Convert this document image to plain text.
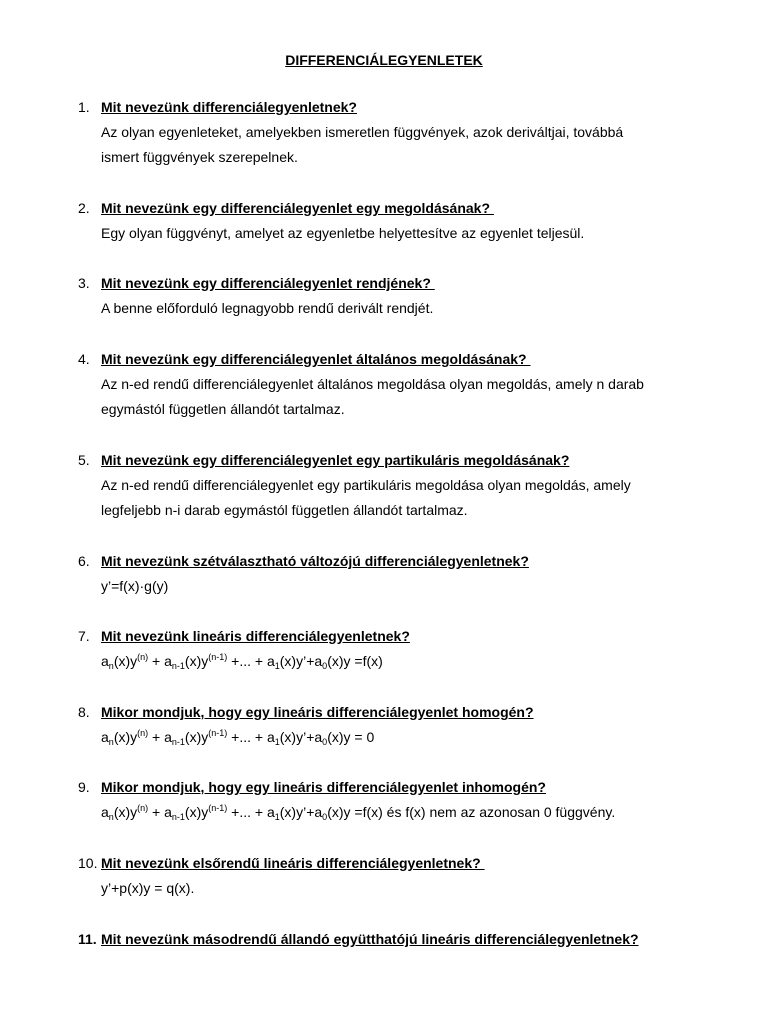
DIFFERENCIÁLEGYENLETEK
1. Mit nevezünk differenciálegyenletnek?
Az olyan egyenleteket, amelyekben ismeretlen függvények, azok deriváltjai, továbbá
ismert függvények szerepelnek.
2. Mit nevezünk egy differenciálegyenlet egy megoldásának?
Egy olyan függvényt, amelyet az egyenletbe helyettesítve az egyenlet teljesül.
3. Mit nevezünk egy differenciálegyenlet rendjének?
A benne előforduló legnagyobb rendű derivált rendjét.
4. Mit nevezünk egy differenciálegyenlet általános megoldásának?
Az n-ed rendű differenciálegyenlet általános megoldása olyan megoldás, amely n darab
egymástól független állandót tartalmaz.
5. Mit nevezünk egy differenciálegyenlet egy partikuláris megoldásának?
Az n-ed rendű differenciálegyenlet egy partikuláris megoldása olyan megoldás, amely
legfeljebb n-i darab egymástól független állandót tartalmaz.
6. Mit nevezünk szétválasztható változójú differenciálegyenletnek?
y’=f(x)·g(y)
7. Mit nevezünk lineáris differenciálegyenletnek?
$a_n(x)y^{(n)} + a_{n-1}(x)y^{(n-1)}$ +... + $a_1(x)y’+a_0(x)y =f(x)$
8. Mikor mondjuk, hogy egy lineáris differenciálegyenlet homogén?
$a_n(x)y^{(n)} + a_{n-1}(x)y^{(n-1)}$ +... + $a_1(x)y’+a_0(x)y = 0$
9. Mikor mondjuk, hogy egy lineáris differenciálegyenlet inhomogén?
$a_n(x)y^{(n)} + a_{n-1}(x)y^{(n-1)}$ +... + $a_1(x)y’+a_0(x)y =f(x)$ és f(x) nem az azonosan 0 függvény.
10. Mit nevezünk elsőrendű lineáris differenciálegyenletnek?
y’+p(x)y = q(x).
11. Mit nevezünk másodrendű állandó együtthatójú lineáris differenciálegyenletnek?
